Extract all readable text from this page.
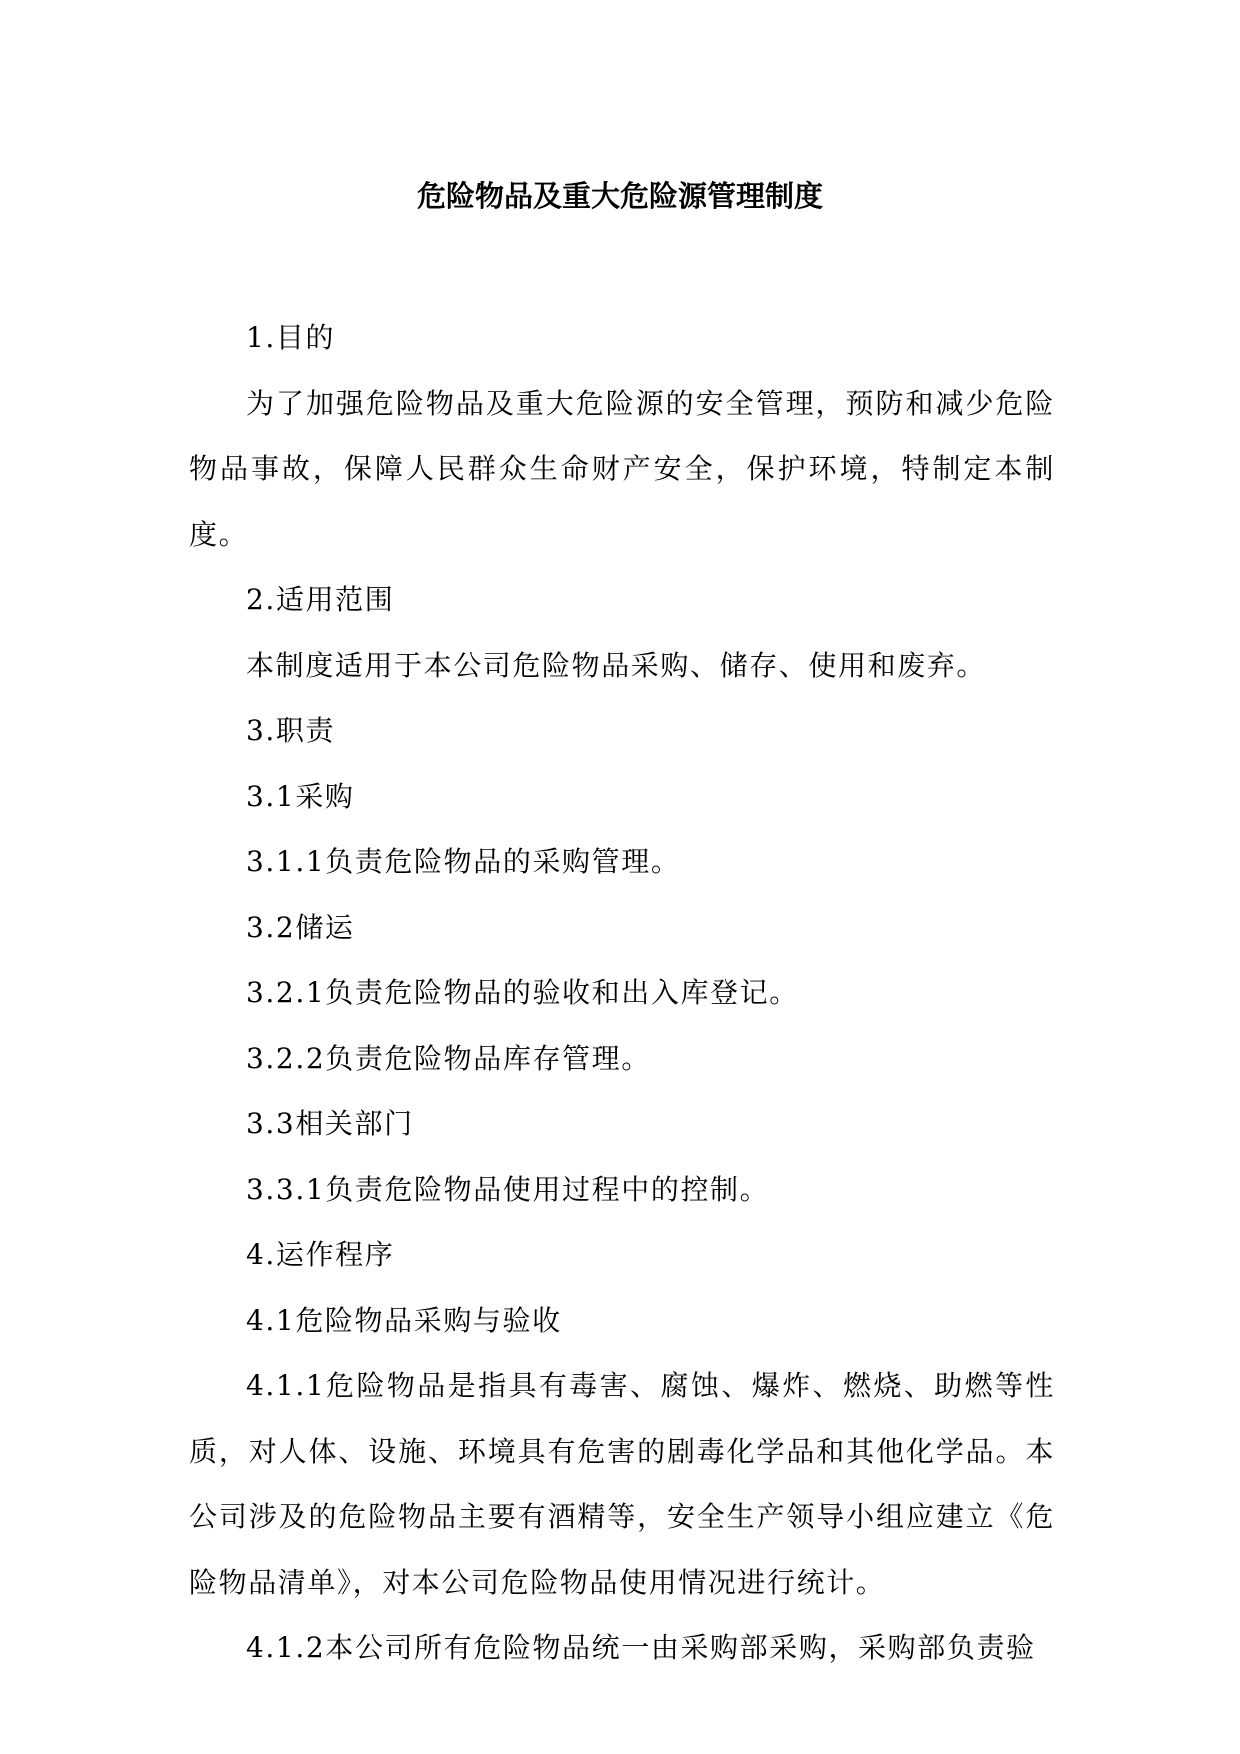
危险物品及重大危险源管理制度

1.目的

为了加强危险物品及重大危险源的安全管理，预防和减少危险物品事故，保障人民群众生命财产安全，保护环境，特制定本制度。

2.适用范围

本制度适用于本公司危险物品采购、储存、使用和废弃。

3.职责

3.1采购

3.1.1负责危险物品的采购管理。

3.2储运

3.2.1负责危险物品的验收和出入库登记。

3.2.2负责危险物品库存管理。

3.3相关部门

3.3.1负责危险物品使用过程中的控制。

4.运作程序

4.1危险物品采购与验收

4.1.1危险物品是指具有毒害、腐蚀、爆炸、燃烧、助燃等性质，对人体、设施、环境具有危害的剧毒化学品和其他化学品。本公司涉及的危险物品主要有酒精等，安全生产领导小组应建立《危险物品清单》，对本公司危险物品使用情况进行统计。

4.1.2本公司所有危险物品统一由采购部采购，采购部负责验
